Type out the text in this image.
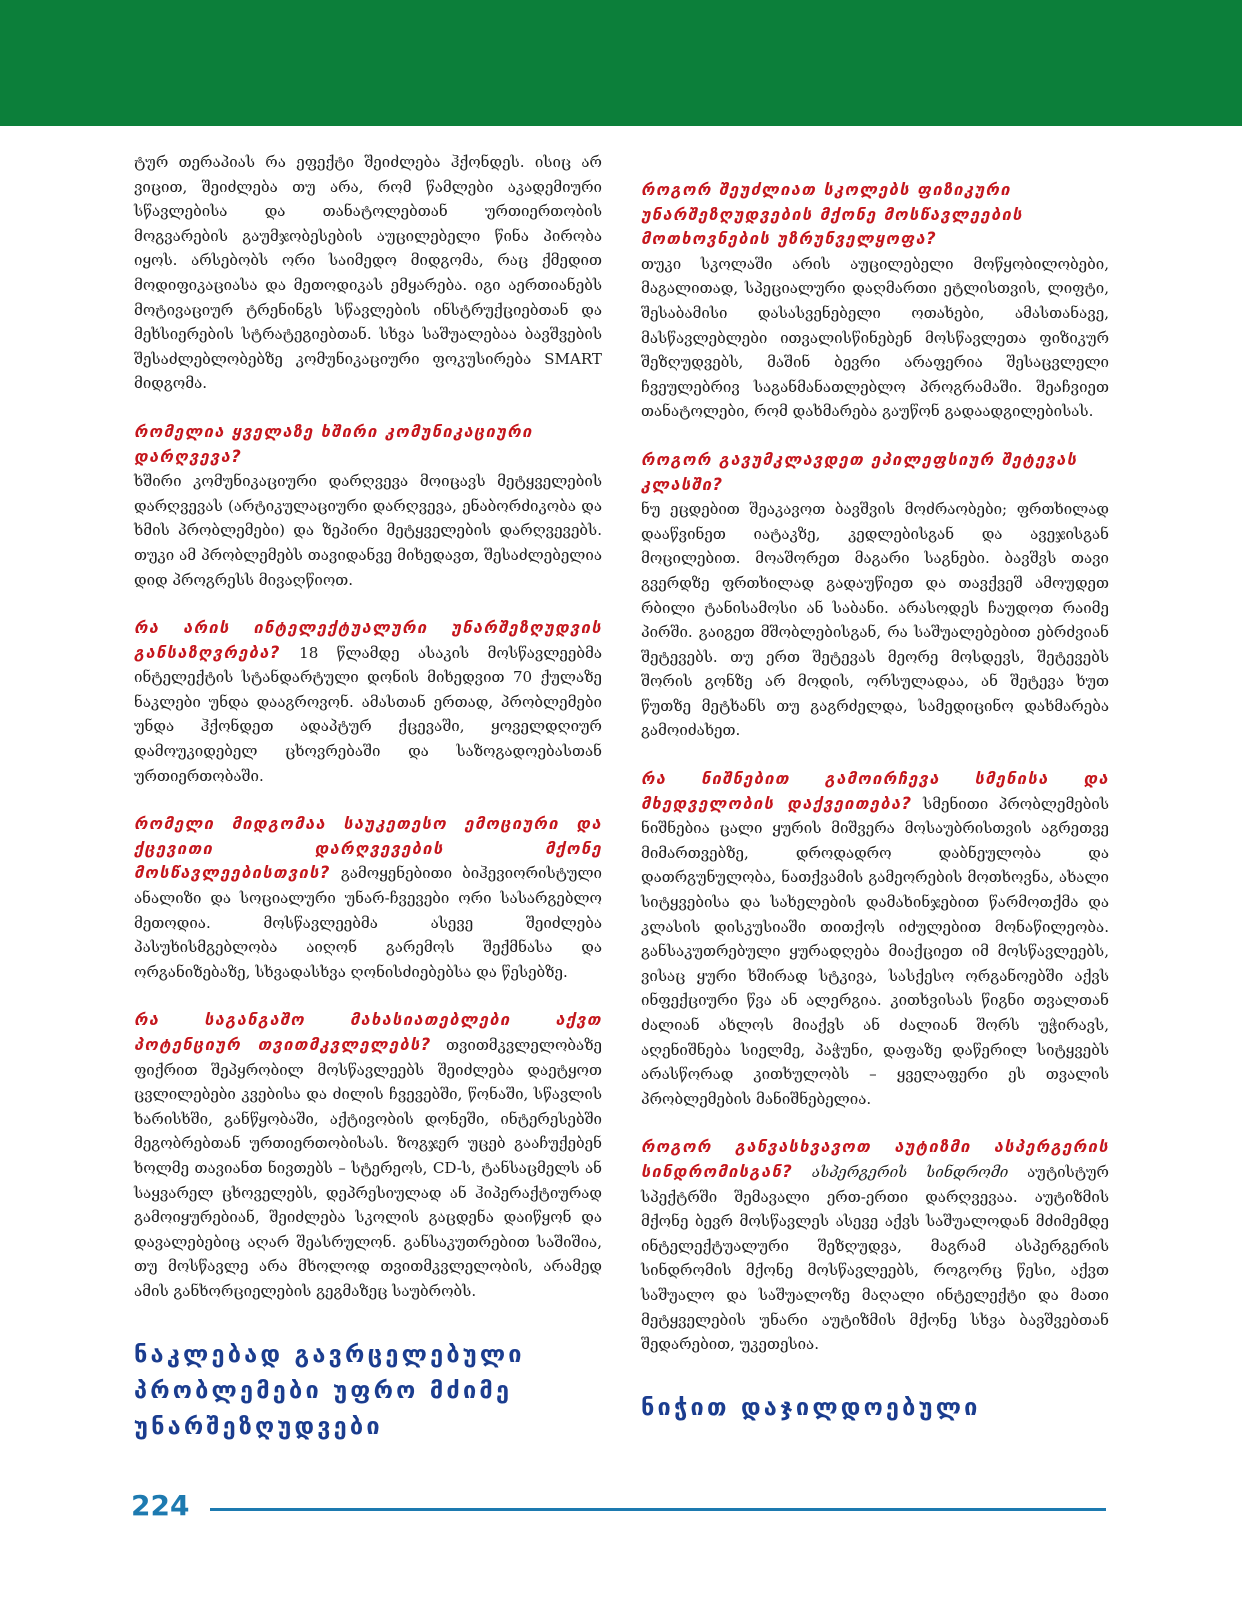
ტურ თერაპიას რა ეფექტი შეიძლება ჰქონდეს. ისიც არ ვიცით, შეიძლება თუ არა, რომ წამლები აკადემიური სწავლებისა და თანატოლებთან ურთიერთობის მოგვარების გაუმჯობესების აუცილებელი წინა პირობა იყოს. არსებობს ორი საიმედო მიდგომა, რაც ქმედით მოდიფიკაციასა და მეთოდიკას ემყარება. იგი აერთიანებს მოტივაციურ ტრენინგს სწავლების ინსტრუქციებთან და მეხსიერების სტრატეგიებთან. სხვა საშუალებაა ბავშვების შესაძლებლობებზე კომუნიკაციური ფოკუსირება SMART მიდგომა.

რომელია ყველაზე ხშირი კომუნიკაციური დარღვევა?

ხშირი კომუნიკაციური დარღვევა მოიცავს მეტყველების დარღვევას (არტიკულაციური დარღვევა, ენაბორძიკობა და ხმის პრობლემები) და ზეპირი მეტყველების დარღვევებს. თუკი ამ პრობლემებს თავიდანვე მიხედავთ, შესაძლებელია დიდ პროგრესს მივაღწიოთ.

რა არის ინტელექტუალური უნარშეზღუდვის განსაზღვრება? 18 წლამდე ასაკის მოსწავლეებმა ინტელექტის სტანდარტული დონის მიხედვით 70 ქულაზე ნაკლები უნდა დააგროვონ. ამასთან ერთად, პრობლემები უნდა ჰქონდეთ ადაპტურ ქცევაში, ყოველდღიურ დამოუკიდებელ ცხოვრებაში და საზოგადოებასთან ურთიერთობაში.

რომელი მიდგომაა საუკეთესო ემოციური და ქცევითი დარღვევების მქონე მოსწავლეებისთვის? გამოყენებითი ბიჰევიორისტული ანალიზი და სოციალური უნარ-ჩვევები ორი სასარგებლო მეთოდია. მოსწავლეებმა ასევე შეიძლება პასუხისმგებლობა აიღონ გარემოს შექმნასა და ორგანიზებაზე, სხვადასხვა ღონისძიებებსა და წესებზე.

რა საგანგაშო მახასიათებლები აქვთ პოტენციურ თვითმკვლელებს? თვითმკვლელობაზე ფიქრით შეპყრობილ მოსწავლეებს შეიძლება დაეტყოთ ცვლილებები კვებისა და ძილის ჩვევებში, წონაში, სწავლის ხარისხში, განწყობაში, აქტივობის დონეში, ინტერესებში მეგობრებთან ურთიერთობისას. ზოგჯერ უცებ გააჩუქებენ ხოლმე თავიანთ ნივთებს – სტერეოს, CD-ს, ტანსაცმელს ან საყვარელ ცხოველებს, დეპრესიულად ან ჰიპერაქტიურად გამოიყურებიან, შეიძლება სკოლის გაცდენა დაიწყონ და დავალებებიც აღარ შეასრულონ. განსაკუთრებით საშიშია, თუ მოსწავლე არა მხოლოდ თვითმკვლელობის, არამედ ამის განხორციელების გეგმაზეც საუბრობს.

ნაკლებად გავრცელებული პრობლემები უფრო მძიმე უნარშეზღუდვები
როგორ შეუძლიათ სკოლებს ფიზიკური უნარშეზღუდვების მქონე მოსწავლეების მოთხოვნების უზრუნველყოფა?

თუკი სკოლაში არის აუცილებელი მოწყობილობები, მაგალითად, სპეციალური დაღმართი ეტლისთვის, ლიფტი, შესაბამისი დასასვენებელი ოთახები, ამასთანავე, მასწავლებლები ითვალისწინებენ მოსწავლეთა ფიზიკურ შეზღუდვებს, მაშინ ბევრი არაფერია შესაცვლელი ჩვეულებრივ საგანმანათლებლო პროგრამაში. შეაჩვიეთ თანატოლები, რომ დახმარება გაუწონ გადაადგილებისას.

როგორ გავუმკლავდეთ ეპილეფსიურ შეტევას კლასში?

ნუ ეცდებით შეაკავოთ ბავშვის მოძრაობები; ფრთხილად დააწვინეთ იატაკზე, კედლებისგან და ავეჯისგან მოცილებით. მოაშორეთ მაგარი საგნები. ბავშვს თავი გვერდზე ფრთხილად გადაუწიეთ და თავქვეშ ამოუდეთ რბილი ტანისამოსი ან საბანი. არასოდეს ჩაუდოთ რაიმე პირში. გაიგეთ მშობლებისგან, რა საშუალებებით ებრძვიან შეტევებს. თუ ერთ შეტევას მეორე მოსდევს, შეტევებს შორის გონზე არ მოდის, ორსულადაა, ან შეტევა ხუთ წუთზე მეტხანს თუ გაგრძელდა, სამედიცინო დახმარება გამოიძახეთ.

რა ნიშნებით გამოირჩევა სმენისა და მხედველობის დაქვეითება? სმენითი პრობლემების ნიშნებია ცალი ყურის მიშვერა მოსაუბრისთვის აგრეთვე მიმართვებზე, დროდადრო დაბნეულობა და დათრგუნულობა, ნათქვამის გამეორების მოთხოვნა, ახალი სიტყვებისა და სახელების დამახინჯებით წარმოთქმა და კლასის დისკუსიაში თითქოს იძულებით მონაწილეობა. განსაკუთრებული ყურადღება მიაქციეთ იმ მოსწავლეებს, ვისაც ყური ხშირად სტკივა, სასქესო ორგანოებში აქვს ინფექციური წვა ან ალერგია. კითხვისას წიგნი თვალთან ძალიან ახლოს მიაქვს ან ძალიან შორს უჭირავს, აღენიშნება სიელმე, პაჭუნი, დაფაზე დაწერილ სიტყვებს არასწორად კითხულობს – ყველაფერი ეს თვალის პრობლემების მანიშნებელია.

როგორ განვასხვავოთ აუტიზმი ასპერგერის სინდრომისგან? ასპერგერის სინდრომი აუტისტურ სპექტრში შემავალი ერთ-ერთი დარღვევაა. აუტიზმის მქონე ბევრ მოსწავლეს ასევე აქვს საშუალოდან მძიმემდე ინტელექტუალური შეზღუდვა, მაგრამ ასპერგერის სინდრომის მქონე მოსწავლეებს, როგორც წესი, აქვთ საშუალო და საშუალოზე მაღალი ინტელექტი და მათი მეტყველების უნარი აუტიზმის მქონე სხვა ბავშვებთან შედარებით, უკეთესია.

ნიჭით დაჯილდოებული
224
